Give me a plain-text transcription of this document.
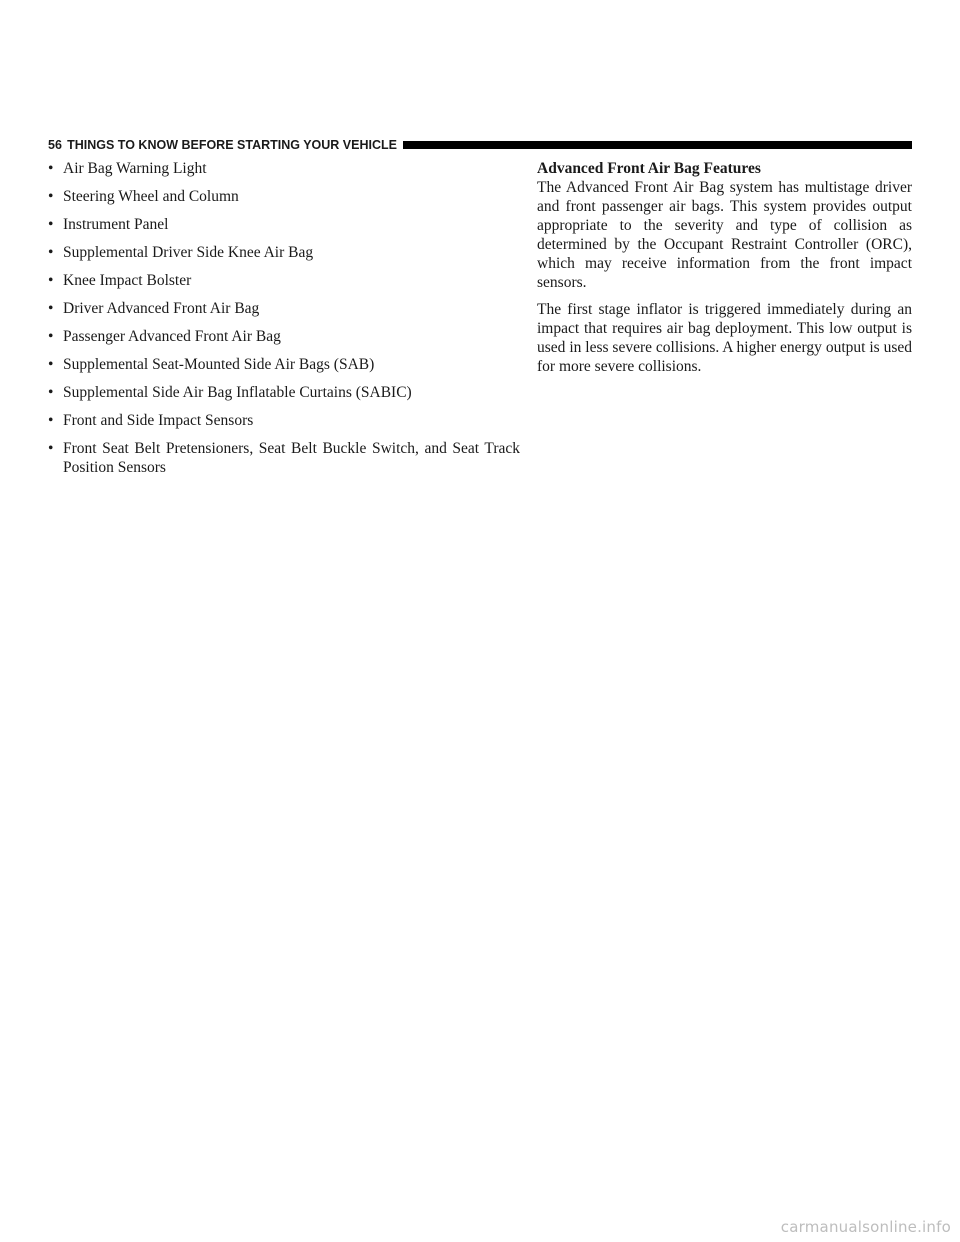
56 THINGS TO KNOW BEFORE STARTING YOUR VEHICLE
• Air Bag Warning Light
• Steering Wheel and Column
• Instrument Panel
• Supplemental Driver Side Knee Air Bag
• Knee Impact Bolster
• Driver Advanced Front Air Bag
• Passenger Advanced Front Air Bag
• Supplemental Seat-Mounted Side Air Bags (SAB)
• Supplemental Side Air Bag Inflatable Curtains (SABIC)
• Front and Side Impact Sensors
• Front Seat Belt Pretensioners, Seat Belt Buckle Switch, and Seat Track Position Sensors

Advanced Front Air Bag Features

The Advanced Front Air Bag system has multistage driver and front passenger air bags. This system provides output appropriate to the severity and type of collision as determined by the Occupant Restraint Controller (ORC), which may receive information from the front impact sensors.

The first stage inflator is triggered immediately during an impact that requires air bag deployment. This low output is used in less severe collisions. A higher energy output is used for more severe collisions.

carmanualsonline.info
